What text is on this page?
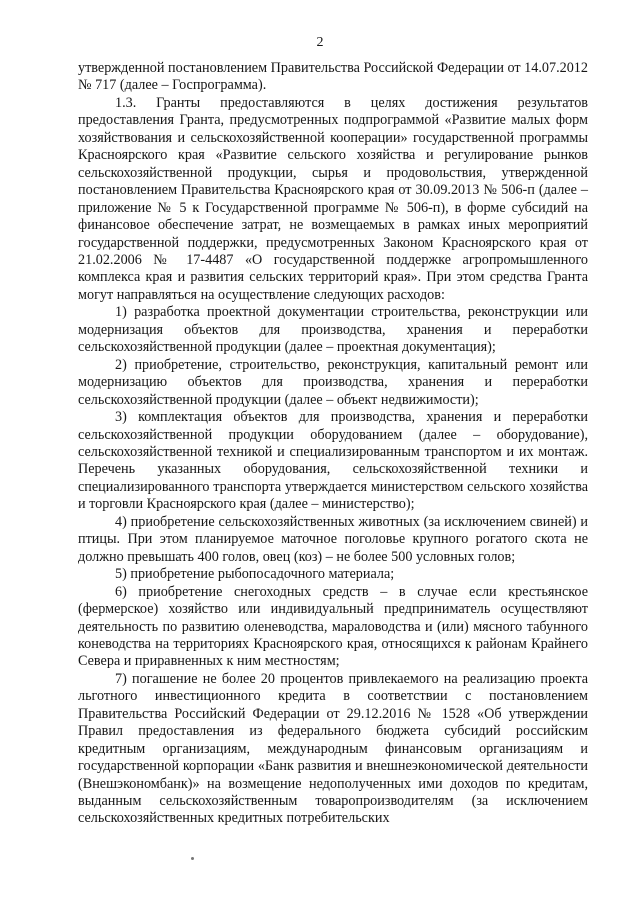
2

утвержденной постановлением Правительства Российской Федерации от 14.07.2012 № 717 (далее – Госпрограмма).

1.3. Гранты предоставляются в целях достижения результатов предоставления Гранта, предусмотренных подпрограммой «Развитие малых форм хозяйствования и сельскохозяйственной кооперации» государственной программы Красноярского края «Развитие сельского хозяйства и регулирование рынков сельскохозяйственной продукции, сырья и продовольствия, утвержденной постановлением Правительства Красноярского края от 30.09.2013 № 506-п (далее – приложение № 5 к Государственной программе № 506-п), в форме субсидий на финансовое обеспечение затрат, не возмещаемых в рамках иных мероприятий государственной поддержки, предусмотренных Законом Красноярского края от 21.02.2006 № 17-4487 «О государственной поддержке агропромышленного комплекса края и развития сельских территорий края». При этом средства Гранта могут направляться на осуществление следующих расходов:

1) разработка проектной документации строительства, реконструкции или модернизация объектов для производства, хранения и переработки сельскохозяйственной продукции (далее – проектная документация);

2) приобретение, строительство, реконструкция, капитальный ремонт или модернизацию объектов для производства, хранения и переработки сельскохозяйственной продукции (далее – объект недвижимости);

3) комплектация объектов для производства, хранения и переработки сельскохозяйственной продукции оборудованием (далее – оборудование), сельскохозяйственной техникой и специализированным транспортом и их монтаж. Перечень указанных оборудования, сельскохозяйственной техники и специализированного транспорта утверждается министерством сельского хозяйства и торговли Красноярского края (далее – министерство);

4) приобретение сельскохозяйственных животных (за исключением свиней) и птицы. При этом планируемое маточное поголовье крупного рогатого скота не должно превышать 400 голов, овец (коз) – не более 500 условных голов;

5) приобретение рыбопосадочного материала;

6) приобретение снегоходных средств – в случае если крестьянское (фермерское) хозяйство или индивидуальный предприниматель осуществляют деятельность по развитию оленеводства, мараловодства и (или) мясного табунного коневодства на территориях Красноярского края, относящихся к районам Крайнего Севера и приравненных к ним местностям;

7) погашение не более 20 процентов привлекаемого на реализацию проекта льготного инвестиционного кредита в соответствии с постановлением Правительства Российский Федерации от 29.12.2016 № 1528 «Об утверждении Правил предоставления из федерального бюджета субсидий российским кредитным организациям, международным финансовым организациям и государственной корпорации «Банк развития и внешнеэкономической деятельности (Внешэкономбанк)» на возмещение недополученных ими доходов по кредитам, выданным сельскохозяйственным товаропроизводителям (за исключением сельскохозяйственных кредитных потребительских
